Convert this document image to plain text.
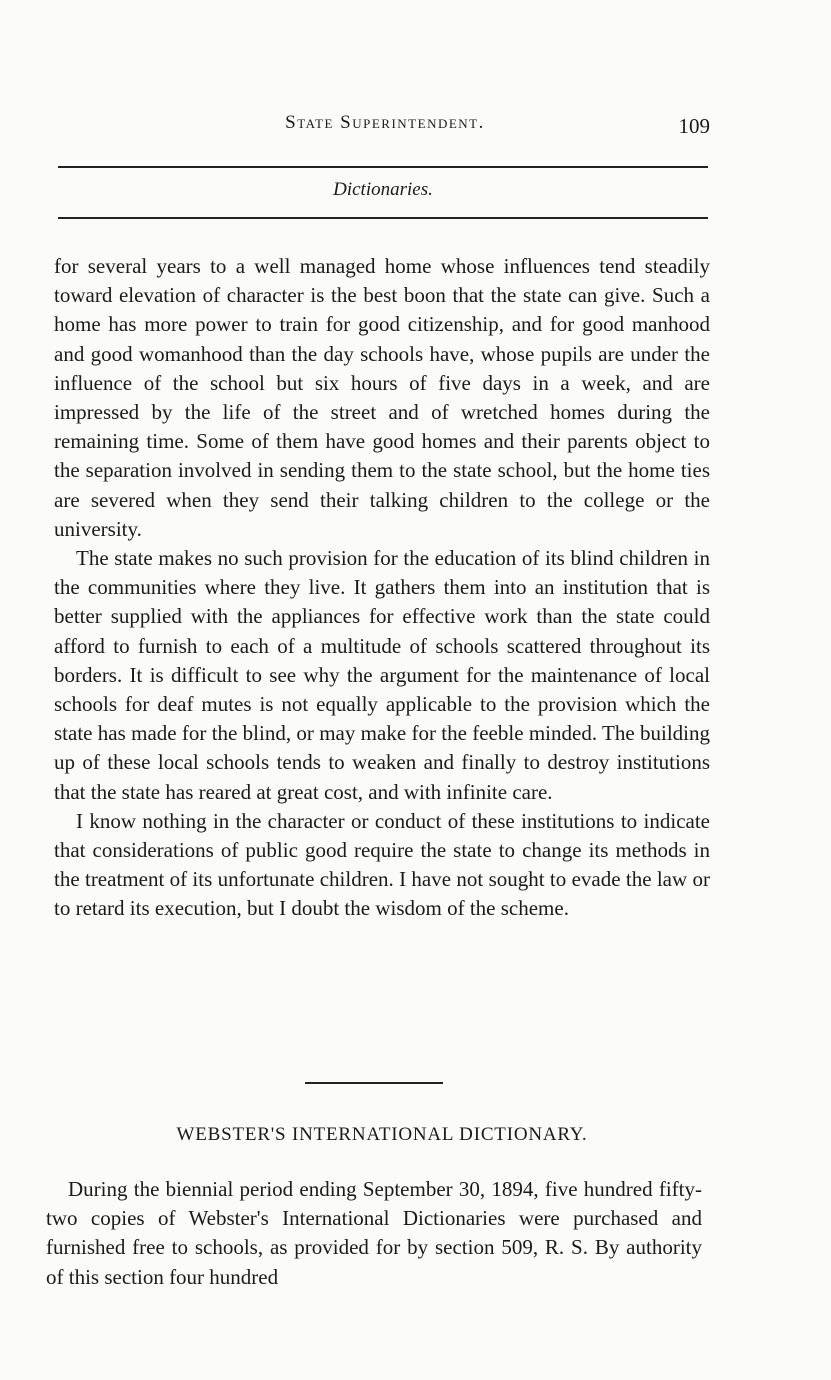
State Superintendent.	109
Dictionaries.

for several years to a well managed home whose influences tend steadily toward elevation of character is the best boon that the state can give. Such a home has more power to train for good citizenship, and for good manhood and good womanhood than the day schools have, whose pupils are under the influence of the school but six hours of five days in a week, and are impressed by the life of the street and of wretched homes during the remaining time. Some of them have good homes and their parents object to the separation involved in sending them to the state school, but the home ties are severed when they send their talking children to the college or the university.

The state makes no such provision for the education of its blind children in the communities where they live. It gathers them into an institution that is better supplied with the appliances for effective work than the state could afford to furnish to each of a multitude of schools scattered throughout its borders. It is difficult to see why the argument for the maintenance of local schools for deaf mutes is not equally applicable to the provision which the state has made for the blind, or may make for the feeble minded. The building up of these local schools tends to weaken and finally to destroy institutions that the state has reared at great cost, and with infinite care.

I know nothing in the character or conduct of these institutions to indicate that considerations of public good require the state to change its methods in the treatment of its unfortunate children. I have not sought to evade the law or to retard its execution, but I doubt the wisdom of the scheme.

WEBSTER'S INTERNATIONAL DICTIONARY.

During the biennial period ending September 30, 1894, five hundred fifty-two copies of Webster's International Dictionaries were purchased and furnished free to schools, as provided for by section 509, R. S. By authority of this section four hundred
